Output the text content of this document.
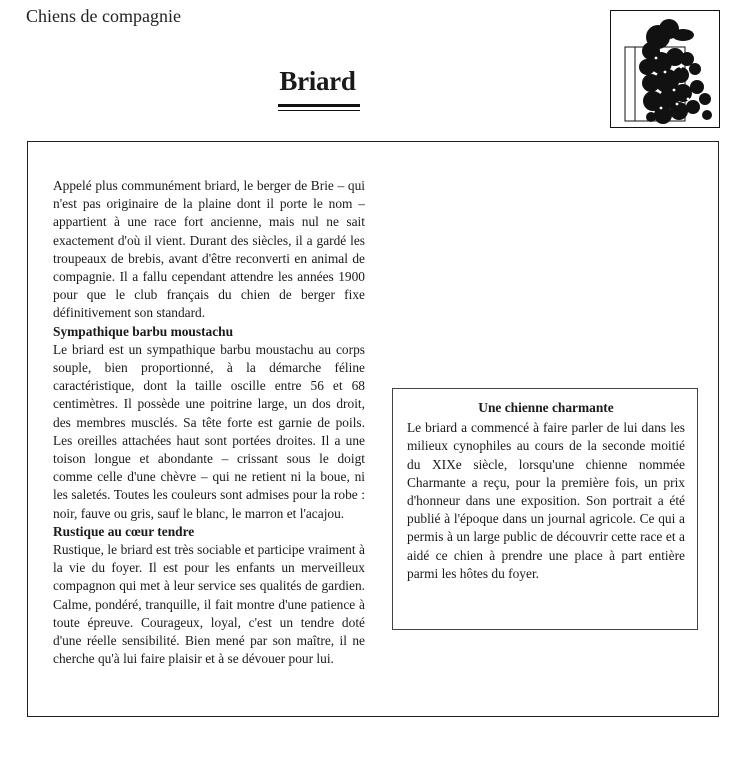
Chiens de compagnie
Briard

Appelé plus communément briard, le berger de Brie – qui n'est pas originaire de la plaine dont il porte le nom – appartient à une race fort ancienne, mais nul ne sait exactement d'où il vient. Durant des siècles, il a gardé les troupeaux de brebis, avant d'être reconverti en animal de compagnie. Il a fallu cependant attendre les années 1900 pour que le club français du chien de berger fixe définitivement son standard.

Sympathique barbu moustachu

Le briard est un sympathique barbu moustachu au corps souple, bien proportionné, à la démarche féline caractéristique, dont la taille oscille entre 56 et 68 centimètres. Il possède une poitrine large, un dos droit, des membres musclés. Sa tête forte est garnie de poils. Les oreilles attachées haut sont portées droites. Il a une toison longue et abondante – crissant sous le doigt comme celle d'une chèvre – qui ne retient ni la boue, ni les saletés. Toutes les couleurs sont admises pour la robe : noir, fauve ou gris, sauf le blanc, le marron et l'acajou.

Rustique au cœur tendre

Rustique, le briard est très sociable et participe vraiment à la vie du foyer. Il est pour les enfants un merveilleux compagnon qui met à leur service ses qualités de gardien. Calme, pondéré, tranquille, il fait montre d'une patience à toute épreuve. Courageux, loyal, c'est un tendre doté d'une réelle sensibilité. Bien mené par son maître, il ne cherche qu'à lui faire plaisir et à se dévouer pour lui.

Une chienne charmante
Le briard a commencé à faire parler de lui dans les milieux cynophiles au cours de la seconde moitié du XIXe siècle, lorsqu'une chienne nommée Charmante a reçu, pour la première fois, un prix d'honneur dans une exposition. Son portrait a été publié à l'époque dans un journal agricole. Ce qui a permis à un large public de découvrir cette race et a aidé ce chien à prendre une place à part entière parmi les hôtes du foyer.
